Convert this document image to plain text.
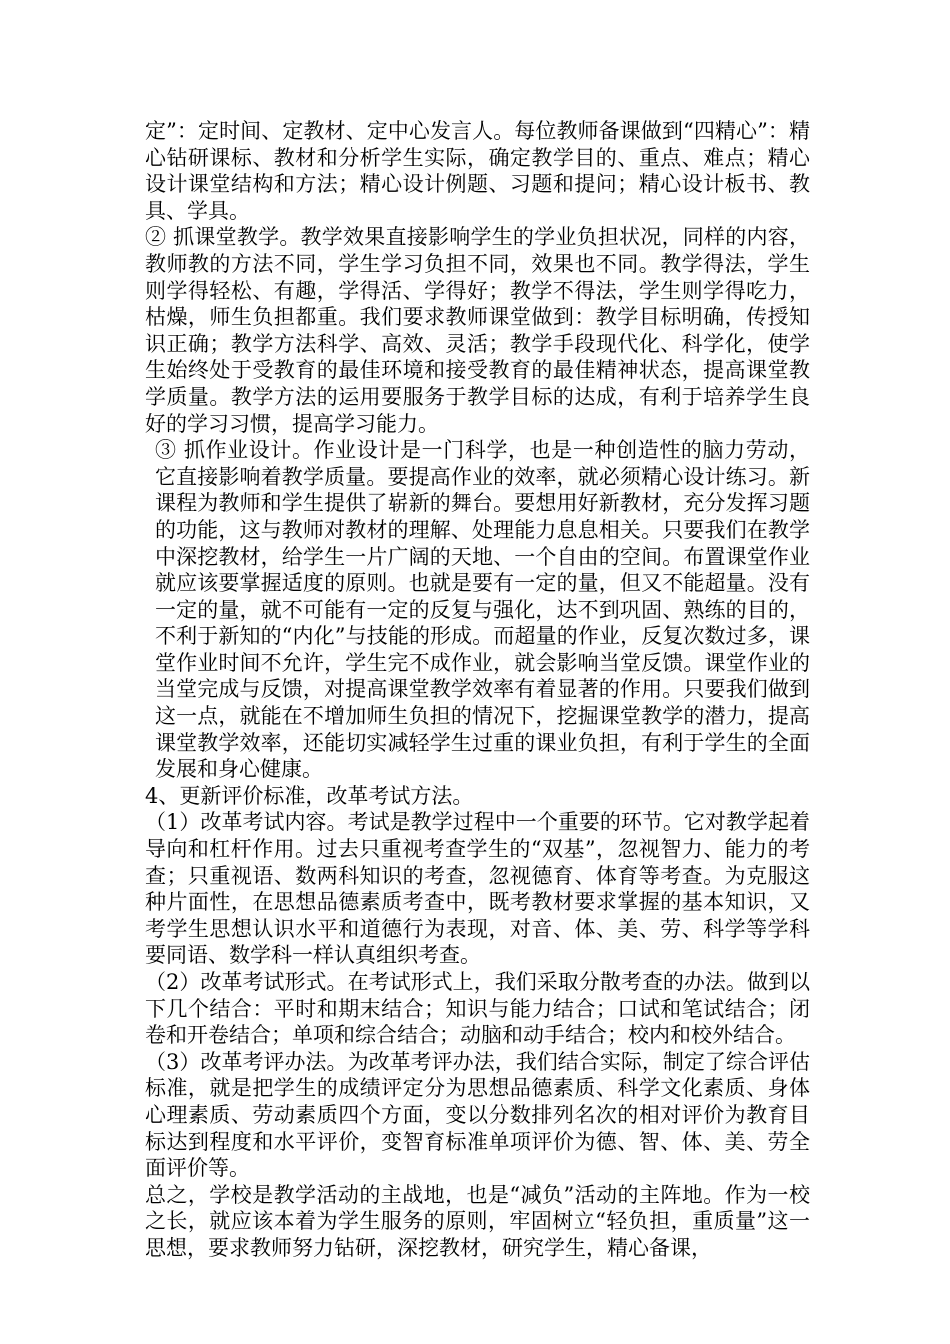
定”：定时间、定教材、定中心发言人。每位教师备课做到“四精心”：精心钻研课标、教材和分析学生实际，确定教学目的、重点、难点；精心设计课堂结构和方法；精心设计例题、习题和提问；精心设计板书、教具、学具。

② 抓课堂教学。教学效果直接影响学生的学业负担状况，同样的内容，教师教的方法不同，学生学习负担不同，效果也不同。教学得法，学生则学得轻松、有趣，学得活、学得好；教学不得法，学生则学得吃力，枯燥，师生负担都重。我们要求教师课堂做到：教学目标明确，传授知识正确；教学方法科学、高效、灵活；教学手段现代化、科学化，使学生始终处于受教育的最佳环境和接受教育的最佳精神状态，提高课堂教学质量。教学方法的运用要服务于教学目标的达成，有利于培养学生良好的学习习惯，提高学习能力。

③ 抓作业设计。作业设计是一门科学，也是一种创造性的脑力劳动，它直接影响着教学质量。要提高作业的效率，就必须精心设计练习。新课程为教师和学生提供了崭新的舞台。要想用好新教材，充分发挥习题的功能，这与教师对教材的理解、处理能力息息相关。只要我们在教学中深挖教材，给学生一片广阔的天地、一个自由的空间。布置课堂作业就应该要掌握适度的原则。也就是要有一定的量，但又不能超量。没有一定的量，就不可能有一定的反复与强化，达不到巩固、熟练的目的，不利于新知的“内化”与技能的形成。而超量的作业，反复次数过多，课堂作业时间不允许，学生完不成作业，就会影响当堂反馈。课堂作业的当堂完成与反馈，对提高课堂教学效率有着显著的作用。只要我们做到这一点，就能在不增加师生负担的情况下，挖掘课堂教学的潜力，提高课堂教学效率，还能切实减轻学生过重的课业负担，有利于学生的全面发展和身心健康。

4、更新评价标准，改革考试方法。

（1）改革考试内容。考试是教学过程中一个重要的环节。它对教学起着导向和杠杆作用。过去只重视考查学生的“双基”，忽视智力、能力的考查；只重视语、数两科知识的考查，忽视德育、体育等考查。为克服这种片面性，在思想品德素质考查中，既考教材要求掌握的基本知识，又考学生思想认识水平和道德行为表现，对音、体、美、劳、科学等学科要同语、数学科一样认真组织考查。

（2）改革考试形式。在考试形式上，我们采取分散考查的办法。做到以下几个结合：平时和期末结合；知识与能力结合；口试和笔试结合；闭卷和开卷结合；单项和综合结合；动脑和动手结合；校内和校外结合。

（3）改革考评办法。为改革考评办法，我们结合实际，制定了综合评估标准，就是把学生的成绩评定分为思想品德素质、科学文化素质、身体心理素质、劳动素质四个方面，变以分数排列名次的相对评价为教育目标达到程度和水平评价，变智育标准单项评价为德、智、体、美、劳全面评价等。

总之，学校是教学活动的主战地，也是“减负”活动的主阵地。作为一校之长，就应该本着为学生服务的原则，牢固树立“轻负担，重质量”这一思想，要求教师努力钻研，深挖教材，研究学生，精心备课，
